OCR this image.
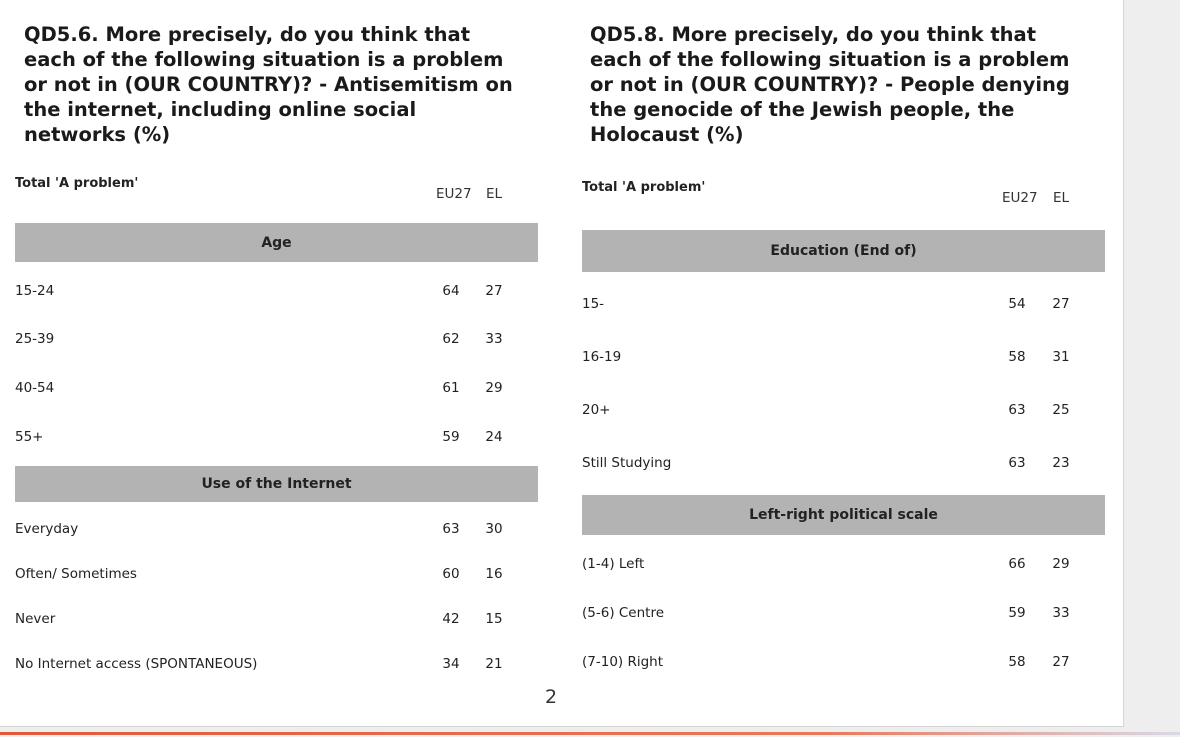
QD5.6. More precisely, do you think that each of the following situation is a problem or not in (OUR COUNTRY)? - Antisemitism on the internet, including online social networks (%)
Total 'A problem'
EU27	EL
Age
15-24	64	27
25-39	62	33
40-54	61	29
55+	59	24
Use of the Internet
Everyday	63	30
Often/ Sometimes	60	16
Never	42	15
No Internet access (SPONTANEOUS)	34	21
QD5.8. More precisely, do you think that each of the following situation is a problem or not in (OUR COUNTRY)? - People denying the genocide of the Jewish people, the Holocaust (%)
Total 'A problem'
EU27	EL
Education (End of)
15-	54	27
16-19	58	31
20+	63	25
Still Studying	63	23
Left-right political scale
(1-4) Left	66	29
(5-6) Centre	59	33
(7-10) Right	58	27
2
